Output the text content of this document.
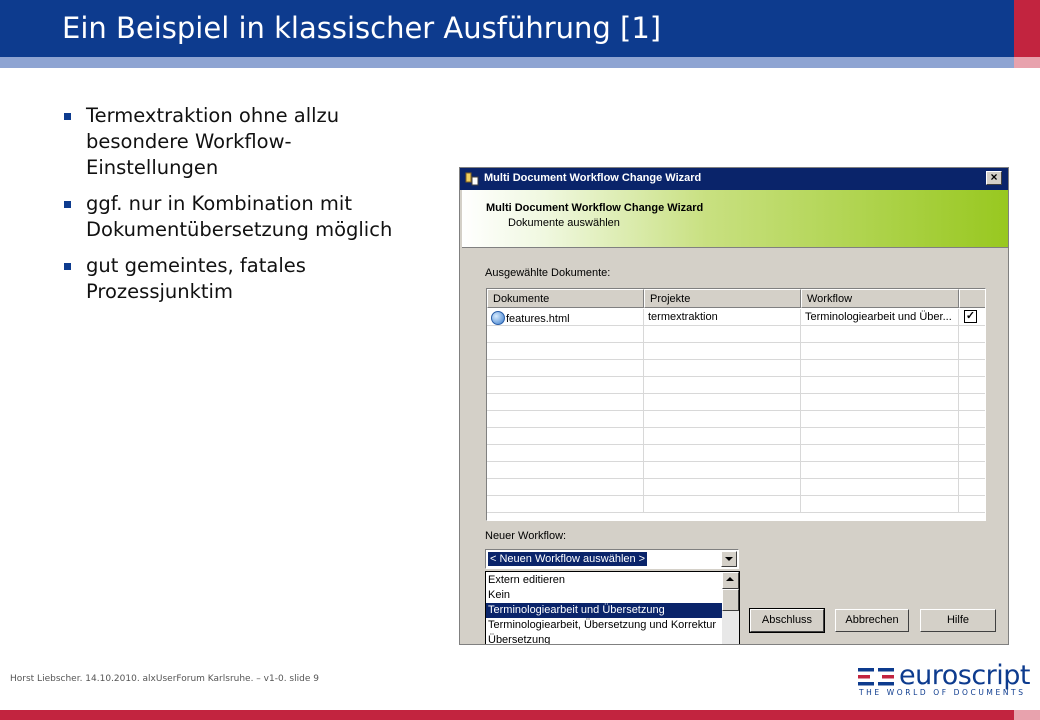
Ein Beispiel in klassischer Ausführung [1]
Termextraktion ohne allzu besondere Workflow-Einstellungen
ggf. nur in Kombination mit Dokumentübersetzung möglich
gut gemeintes, fatales Prozessjunktim
Multi Document Workflow Change Wizard	×
Multi Document Workflow Change Wizard
Dokumente auswählen
Ausgewählte Dokumente:
Dokumente	Projekte	Workflow
features.html	termextraktion	Terminologiearbeit und Über...	✓
Neuer Workflow:
< Neuen Workflow auswählen >
Extern editieren
Kein
Terminologiearbeit und Übersetzung
Terminologiearbeit, Übersetzung und Korrektur
Übersetzung
Abschluss	Abbrechen	Hilfe
Horst Liebscher. 14.10.2010. alxUserForum Karlsruhe. – v1-0. slide 9	euroscript
THE WORLD OF DOCUMENTS
